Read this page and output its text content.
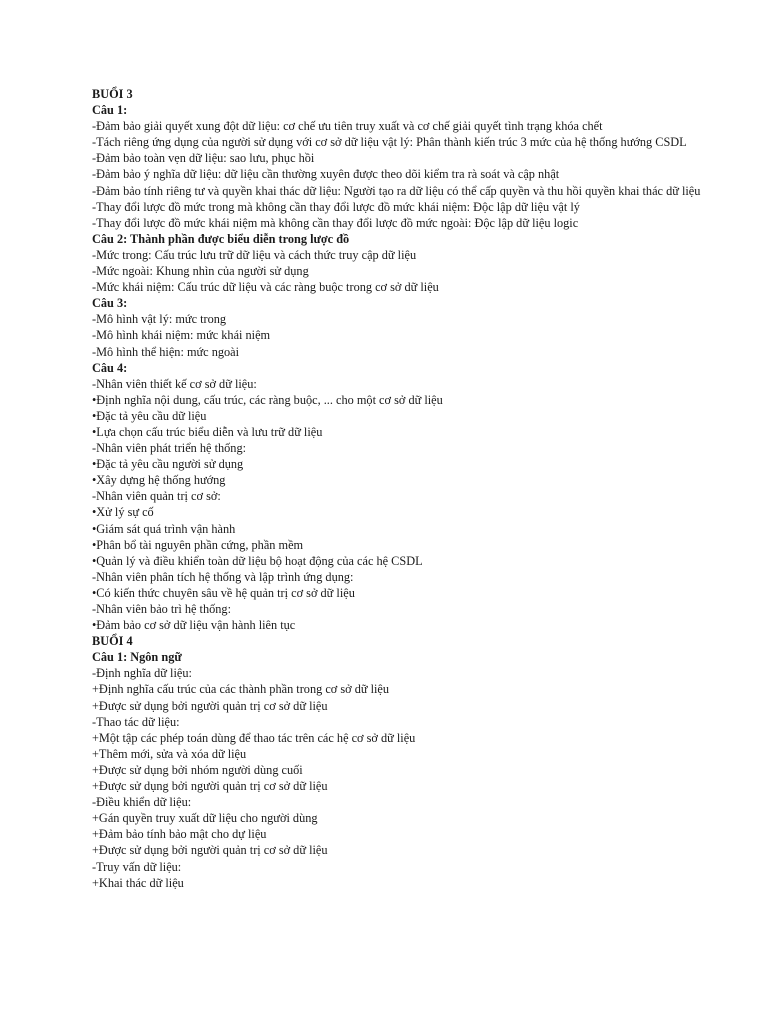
BUỔI 3
Câu 1:
-Đảm bảo giải quyết xung đột dữ liệu: cơ chế ưu tiên truy xuất và cơ chế giải quyết tình trạng khóa chết
-Tách riêng ứng dụng của người sử dụng với cơ sở dữ liệu vật lý: Phân thành kiến trúc 3 mức của hệ thống hướng CSDL
-Đảm bảo toàn vẹn dữ liệu: sao lưu, phục hồi
-Đảm bảo ý nghĩa dữ liệu: dữ liệu cần thường xuyên được theo dõi kiểm tra rà soát và cập nhật
-Đảm bảo tính riêng tư và quyền khai thác dữ liệu: Người tạo ra dữ liệu có thể cấp quyền và thu hồi quyền khai thác dữ liệu
-Thay đổi lược đồ mức trong mà không cần thay đổi lược đồ mức khái niệm: Độc lập dữ liệu vật lý
-Thay đổi lược đồ mức khái niệm mà không cần thay đổi lược đồ mức ngoài: Độc lập dữ liệu logic
Câu 2: Thành phần được biểu diễn trong lược đồ
-Mức trong: Cấu trúc lưu trữ dữ liệu và cách thức truy cập dữ liệu
-Mức ngoài: Khung nhìn của người sử dụng
-Mức khái niệm: Cấu trúc dữ liệu và các ràng buộc trong cơ sở dữ liệu
Câu 3:
-Mô hình vật lý: mức trong
-Mô hình khái niệm: mức khái niệm
-Mô hình thể hiện: mức ngoài
Câu 4:
-Nhân viên thiết kế cơ sở dữ liệu:
•Định nghĩa nội dung, cấu trúc, các ràng buộc, ... cho một cơ sở dữ liệu
•Đặc tả yêu cầu dữ liệu
•Lựa chọn cấu trúc biểu diễn và lưu trữ dữ liệu
-Nhân viên phát triển hệ thống:
•Đặc tả yêu cầu người sử dụng
•Xây dựng hệ thống hướng
-Nhân viên quản trị cơ sở:
•Xử lý sự cố
•Giám sát quá trình vận hành
•Phân bổ tài nguyên phần cứng, phần mềm
•Quản lý và điều khiển toàn dữ liệu bộ hoạt động của các hệ CSDL
-Nhân viên phân tích hệ thống và lập trình ứng dụng:
•Có kiến thức chuyên sâu về hệ quản trị cơ sở dữ liệu
-Nhân viên bảo trì hệ thống:
•Đảm bảo cơ sở dữ liệu vận hành liên tục
BUỔI 4
Câu 1: Ngôn ngữ
-Định nghĩa dữ liệu:
+Định nghĩa cấu trúc của các thành phần trong cơ sở dữ liệu
+Được sử dụng bởi người quản trị cơ sở dữ liệu
-Thao tác dữ liệu:
+Một tập các phép toán dùng để thao tác trên các hệ cơ sở dữ liệu
+Thêm mới, sửa và xóa dữ liệu
+Được sử dụng bởi nhóm người dùng cuối
+Được sử dụng bởi người quản trị cơ sở dữ liệu
-Điều khiển dữ liệu:
+Gán quyền truy xuất dữ liệu cho người dùng
+Đảm bảo tính bảo mật cho dự liệu
+Được sử dụng bởi người quản trị cơ sở dữ liệu
-Truy vấn dữ liệu:
+Khai thác dữ liệu
